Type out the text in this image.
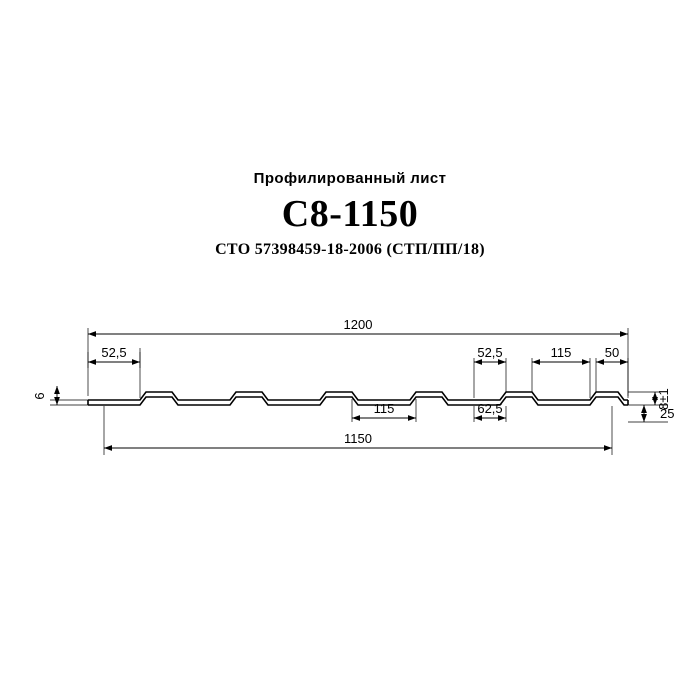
Профилированный лист

C8-1150

СТО 57398459-18-2006 (СТП/ПП/18)

1200
52,5	52,5	115	50
115	62,5
1150
8±1
25
6
